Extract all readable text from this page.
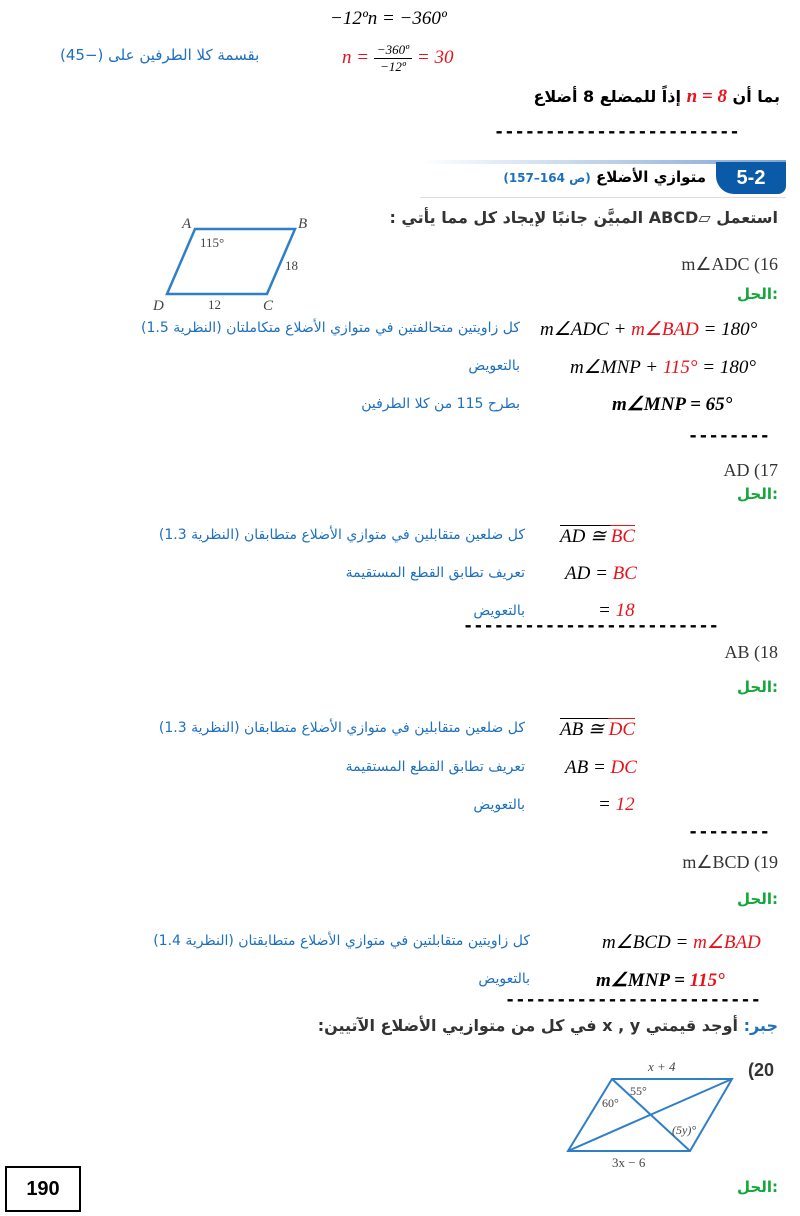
−12ºn = −360º
$n = \frac{\text{−360º}}{\text{−12º}} = 30$
بقسمة كلا الطرفين على (−45)
بما أن n = 8 إذاً للمضلع 8 أضلاع
------------------------
5-2
متوازي الأضلاع (ص 164–157)
استعمل ▱ABCD المبيَّن جانبًا لإيجاد كل مما يأتي :
A	B
C
D
115°
18
12
m∠ADC (16
الحل:
m∠ADC + m∠BAD = 180°
كل زاويتين متحالفتين في متوازي الأضلاع متكاملتان (النظرية 1.5)
m∠MNP + 115° = 180°
بالتعويض
m∠MNP = 65°
بطرح 115 من كلا الطرفين
--------
AD (17
الحل:
AD ≅ $\overline{BC}$
كل ضلعين متقابلين في متوازي الأضلاع متطابقان (النظرية 1.3)
AD = BC
تعريف تطابق القطع المستقيمة
= 18
بالتعويض
-------------------------
AB (18
الحل:
AB ≅ $\overline{DC}$
كل ضلعين متقابلين في متوازي الأضلاع متطابقان (النظرية 1.3)
AB = DC
تعريف تطابق القطع المستقيمة
= 12
بالتعويض
--------
m∠BCD (19
الحل:
m∠BCD = m∠BAD
كل زاويتين متقابلتين في متوازي الأضلاع متطابقتان (النظرية 1.4)
m∠MNP = 115°
بالتعويض
-------------------------
جبر: أوجد قيمتي x , y في كل من متوازيي الأضلاع الآتيين:
(20
x + 4
3x − 6
55°
60°
(5y)°
الحل:
190
